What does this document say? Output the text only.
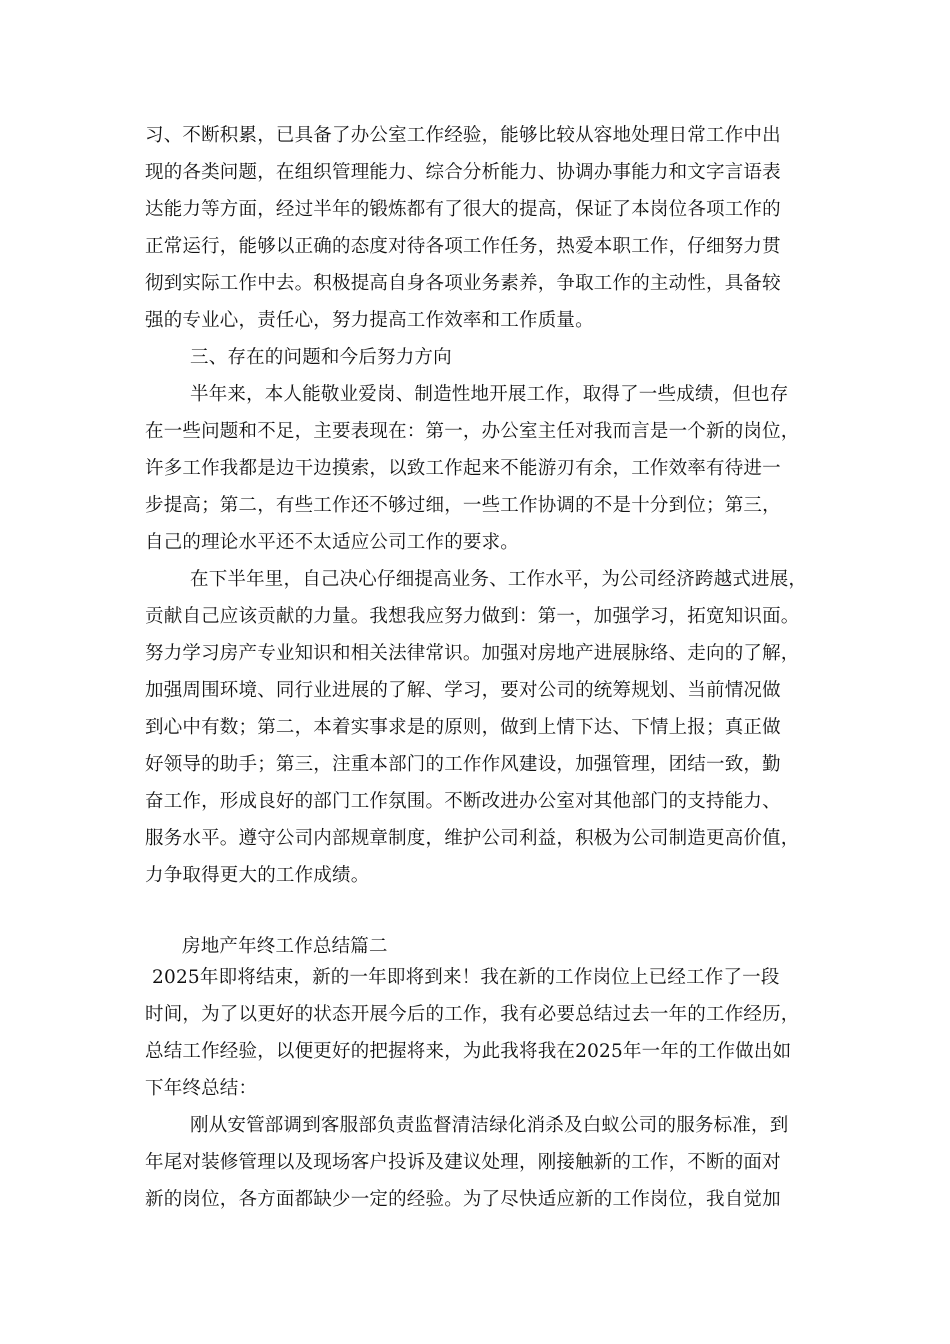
习、不断积累，已具备了办公室工作经验，能够比较从容地处理日常工作中出
现的各类问题，在组织管理能力、综合分析能力、协调办事能力和文字言语表
达能力等方面，经过半年的锻炼都有了很大的提高，保证了本岗位各项工作的
正常运行，能够以正确的态度对待各项工作任务，热爱本职工作，仔细努力贯
彻到实际工作中去。积极提高自身各项业务素养，争取工作的主动性，具备较
强的专业心，责任心，努力提高工作效率和工作质量。
三、存在的问题和今后努力方向
半年来，本人能敬业爱岗、制造性地开展工作，取得了一些成绩，但也存
在一些问题和不足，主要表现在：第一，办公室主任对我而言是一个新的岗位，
许多工作我都是边干边摸索，以致工作起来不能游刃有余，工作效率有待进一
步提高；第二，有些工作还不够过细，一些工作协调的不是十分到位；第三，
自己的理论水平还不太适应公司工作的要求。
在下半年里，自己决心仔细提高业务、工作水平，为公司经济跨越式进展，
贡献自己应该贡献的力量。我想我应努力做到：第一，加强学习，拓宽知识面。
努力学习房产专业知识和相关法律常识。加强对房地产进展脉络、走向的了解，
加强周围环境、同行业进展的了解、学习，要对公司的统筹规划、当前情况做
到心中有数；第二，本着实事求是的原则，做到上情下达、下情上报；真正做
好领导的助手；第三，注重本部门的工作作风建设，加强管理，团结一致，勤
奋工作，形成良好的部门工作氛围。不断改进办公室对其他部门的支持能力、
服务水平。遵守公司内部规章制度，维护公司利益，积极为公司制造更高价值，
力争取得更大的工作成绩。
房地产年终工作总结篇二
2025年即将结束，新的一年即将到来！我在新的工作岗位上已经工作了一段
时间，为了以更好的状态开展今后的工作，我有必要总结过去一年的工作经历，
总结工作经验，以便更好的把握将来，为此我将我在2025年一年的工作做出如
下年终总结：
刚从安管部调到客服部负责监督清洁绿化消杀及白蚁公司的服务标准，到
年尾对装修管理以及现场客户投诉及建议处理，刚接触新的工作，不断的面对
新的岗位，各方面都缺少一定的经验。为了尽快适应新的工作岗位，我自觉加
